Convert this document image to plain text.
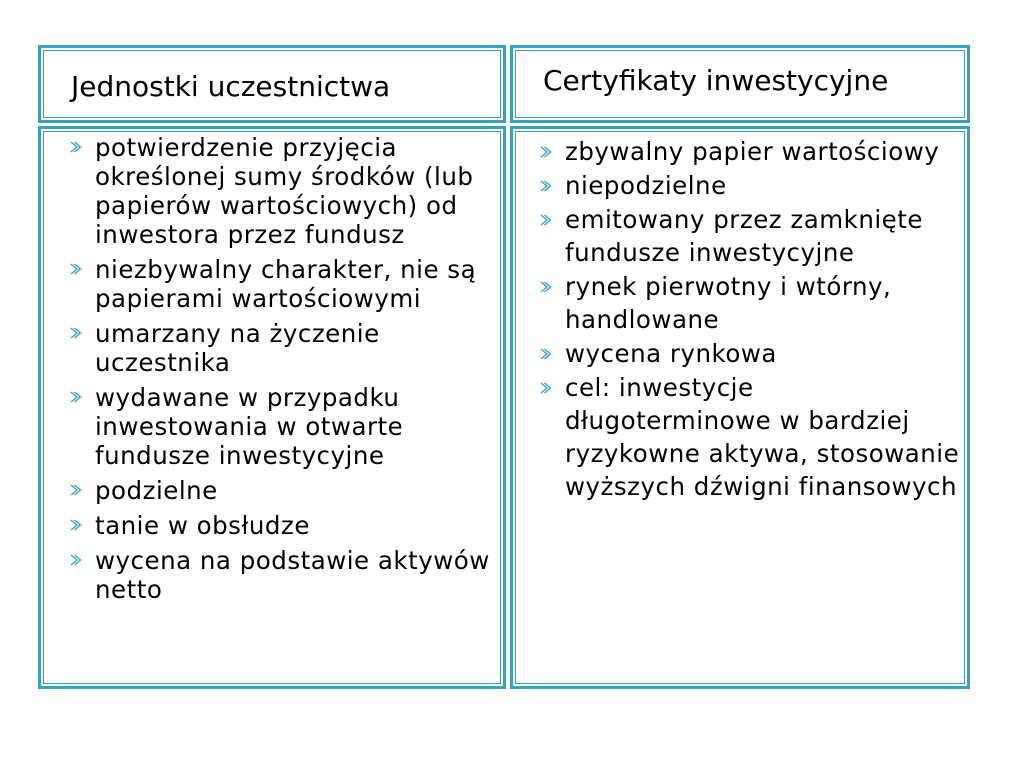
Jednostki uczestnictwa	Certyfikaty inwestycyjne
potwierdzenie przyjęcia określonej sumy środków (lub papierów wartościowych) od inwestora przez fundusz
niezbywalny charakter, nie są papierami wartościowymi
umarzany na życzenie uczestnika
wydawane w przypadku inwestowania w otwarte fundusze inwestycyjne
podzielne
tanie w obsłudze
wycena na podstawie aktywów netto
zbywalny papier wartościowy
niepodzielne
emitowany przez zamknięte fundusze inwestycyjne
rynek pierwotny i wtórny, handlowane
wycena rynkowa
cel: inwestycje długoterminowe w bardziej ryzykowne aktywa, stosowanie wyższych dźwigni finansowych
